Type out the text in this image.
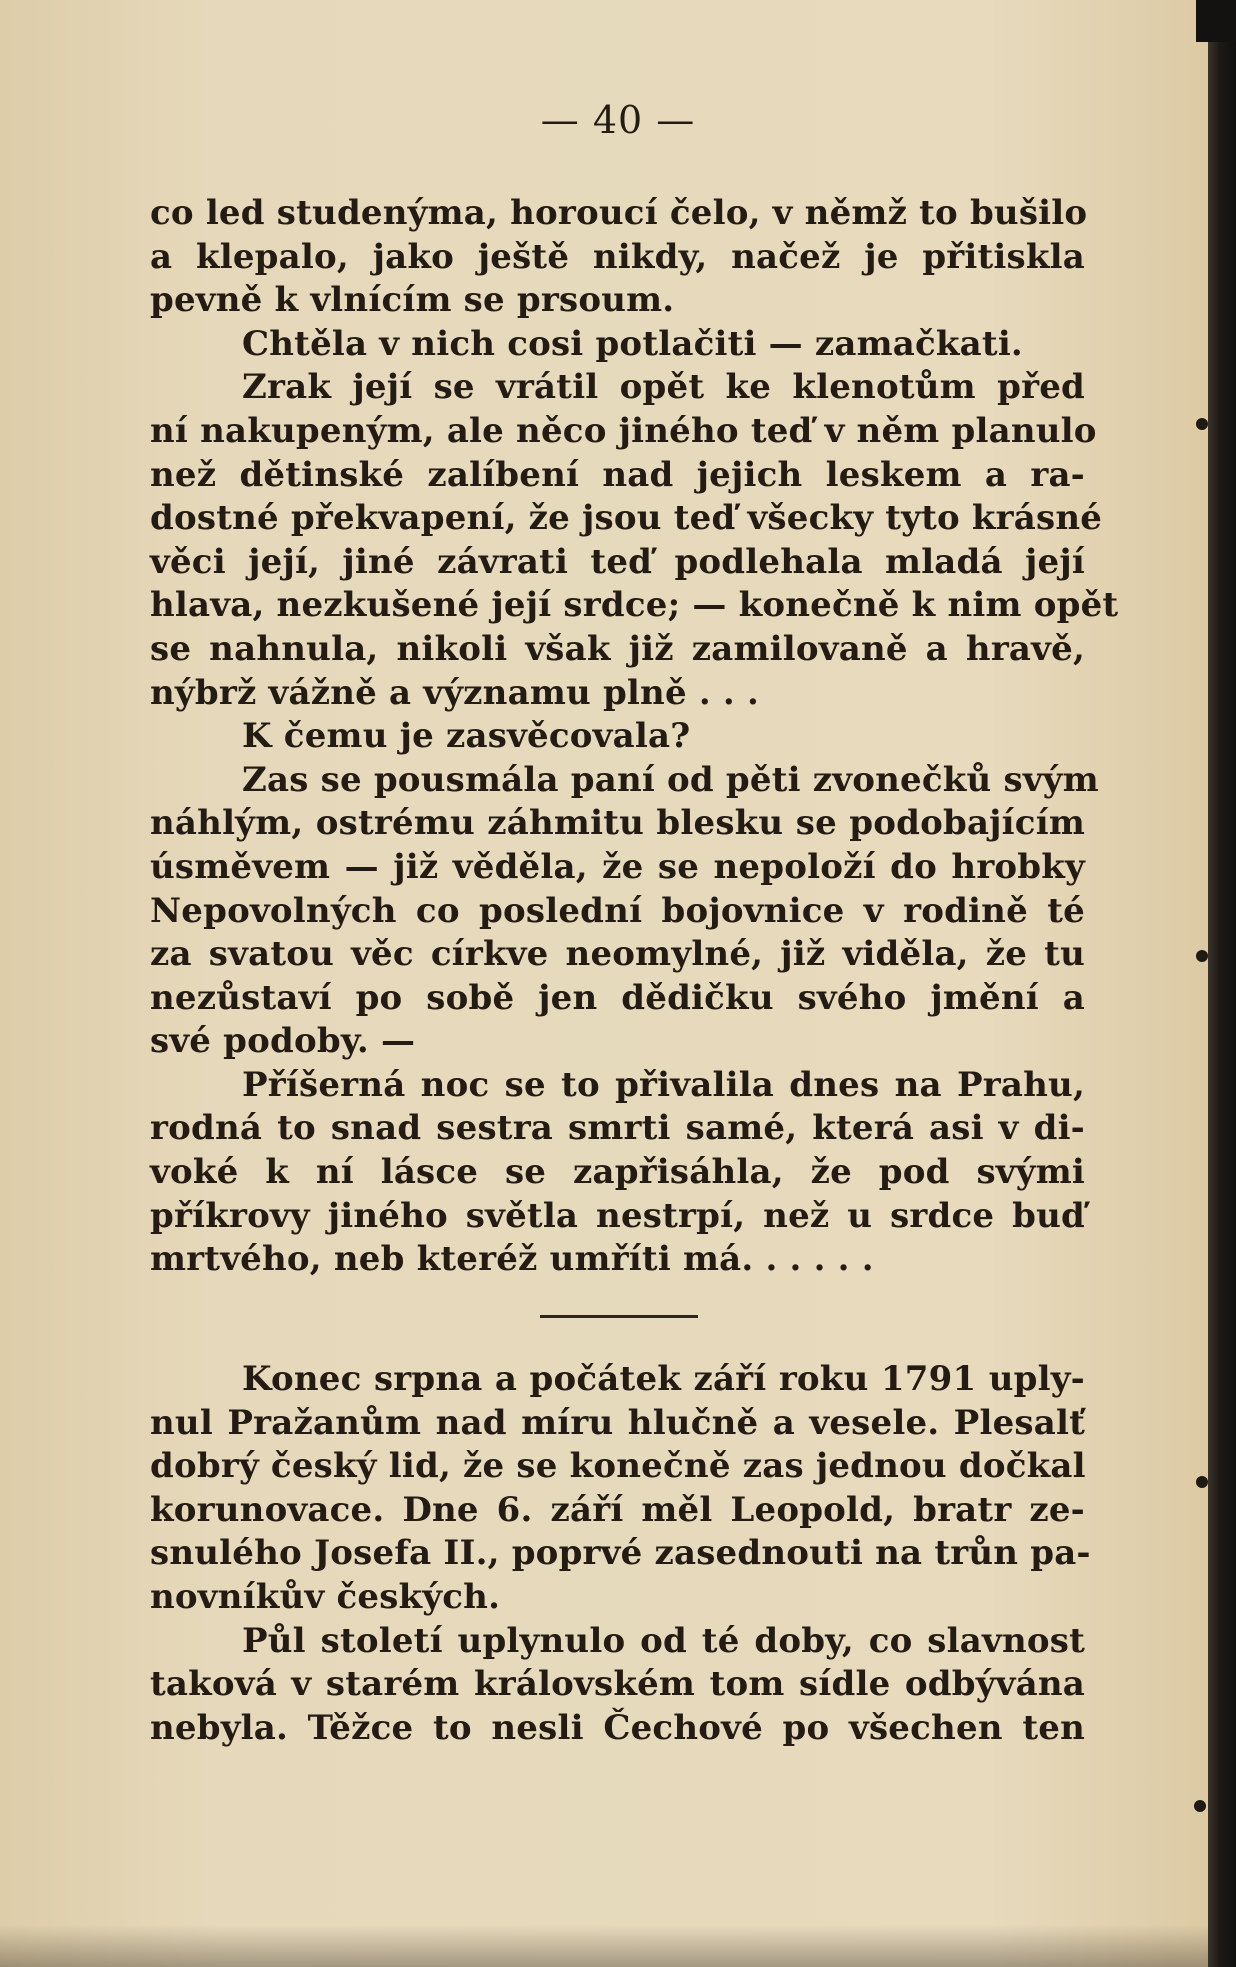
— 40 —
co led studenýma, horoucí čelo, v němž to bušilo
a klepalo, jako ještě nikdy, načež je přitiskla
pevně k vlnícím se prsoum.
Chtěla v nich cosi potlačiti — zamačkati.
Zrak její se vrátil opět ke klenotům před
ní nakupeným, ale něco jiného teď v něm planulo
než dětinské zalíbení nad jejich leskem a ra-
dostné překvapení, že jsou teď všecky tyto krásné
věci její, jiné závrati teď podlehala mladá její
hlava, nezkušené její srdce; — konečně k nim opět
se nahnula, nikoli však již zamilovaně a hravě,
nýbrž vážně a významu plně . . .
K čemu je zasvěcovala?
Zas se pousmála paní od pěti zvonečků svým
náhlým, ostrému záhmitu blesku se podobajícím
úsměvem — již věděla, že se nepoloží do hrobky
Nepovolných co poslední bojovnice v rodině té
za svatou věc církve neomylné, již viděla, že tu
nezůstaví po sobě jen dědičku svého jmění a
své podoby. —
Příšerná noc se to přivalila dnes na Prahu,
rodná to snad sestra smrti samé, která asi v di-
voké k ní lásce se zapřisáhla, že pod svými
příkrovy jiného světla nestrpí, než u srdce buď
mrtvého, neb kteréž umříti má. . . . . .
Konec srpna a počátek září roku 1791 uply-
nul Pražanům nad míru hlučně a vesele. Plesalť
dobrý český lid, že se konečně zas jednou dočkal
korunovace. Dne 6. září měl Leopold, bratr ze-
snulého Josefa II., poprvé zasednouti na trůn pa-
novníkův českých.
Půl století uplynulo od té doby, co slavnost
taková v starém královském tom sídle odbývána
nebyla. Těžce to nesli Čechové po všechen ten
